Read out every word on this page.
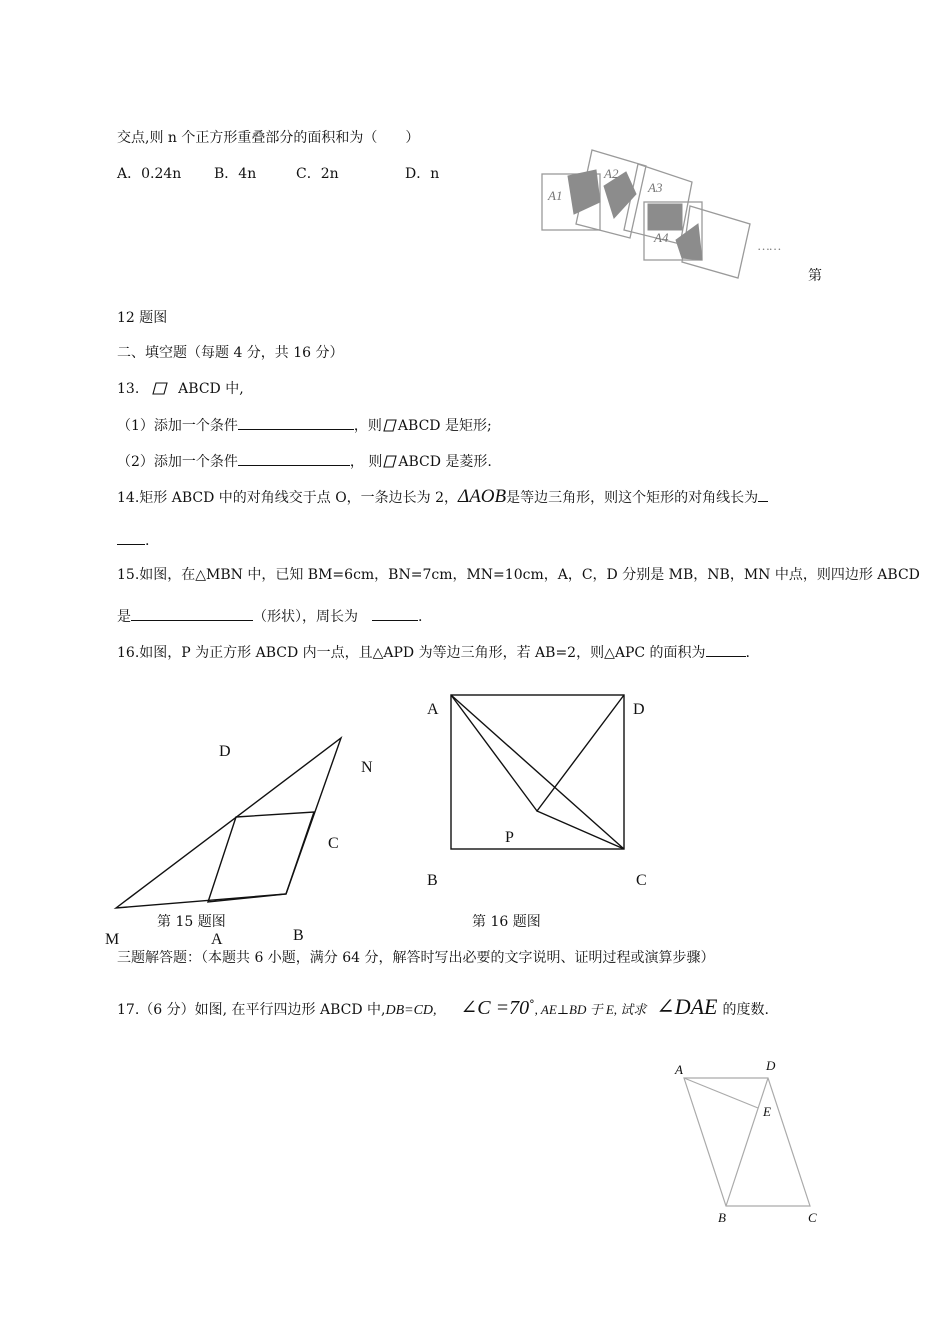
交点,则 n 个正方形重叠部分的面积和为（　　）
A．0.24n B．4n	C．2n	D．n
A1
A2
A3
A4
……
第
12 题图
二、填空题（每题 4 分，共 16 分）
13.	ABCD 中,
（1）添加一个条件	，则 ABCD 是矩形;
（2）添加一个条件	， 则 ABCD 是菱形.
14.矩形 ABCD 中的对角线交于点 O，一条边长为 2，ΔAOB是等边三角形，则这个矩形的对角线长为
.
15.如图，在△MBN 中，已知 BM=6cm，BN=7cm，MN=10cm，A，C，D 分别是 MB，NB，MN 中点，则四边形 ABCD
是	（形状），周长为	.
16.如图，P 为正方形 ABCD 内一点，且△APD 为等边三角形，若 AB=2，则△APC 的面积为	.
D
N
C
M	A	B
第 15 题图
A	D
P
B	C
第 16 题图
三题解答题：（本题共 6 小题，满分 64 分，解答时写出必要的文字说明、证明过程或演算步骤）
17.（6 分）如图, 在平行四边形 ABCD 中,DB=CD, ∠C =70°, AE⊥BD 于 E, 试求 ∠DAE 的度数.
A	D
E
B	C
